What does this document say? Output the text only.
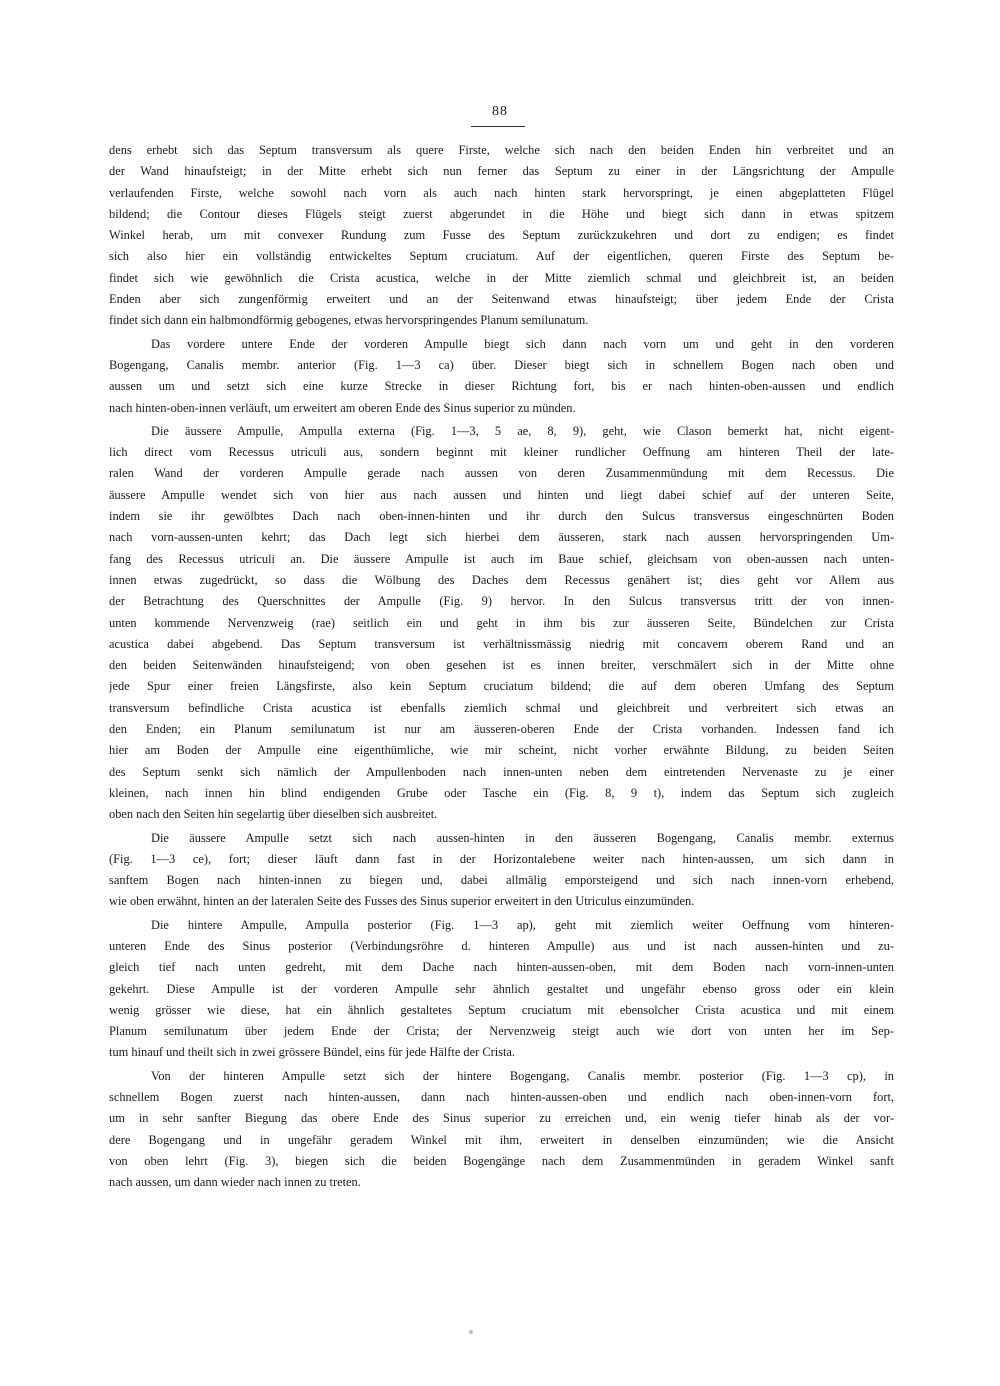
88
dens erhebt sich das Septum transversum als quere Firste, welche sich nach den beiden Enden hin verbreitet und an
der Wand hinaufsteigt; in der Mitte erhebt sich nun ferner das Septum zu einer in der Längsrichtung der Ampulle
verlaufenden Firste, welche sowohl nach vorn als auch nach hinten stark hervorspringt, je einen abgeplatteten Flügel
bildend; die Contour dieses Flügels steigt zuerst abgerundet in die Höhe und biegt sich dann in etwas spitzem
Winkel herab, um mit convexer Rundung zum Fusse des Septum zurückzukehren und dort zu endigen; es findet
sich also hier ein vollständig entwickeltes Septum cruciatum. Auf der eigentlichen, queren Firste des Septum be-
findet sich wie gewöhnlich die Crista acustica, welche in der Mitte ziemlich schmal und gleichbreit ist, an beiden
Enden aber sich zungenförmig erweitert und an der Seitenwand etwas hinaufsteigt; über jedem Ende der Crista
findet sich dann ein halbmondförmig gebogenes, etwas hervorspringendes Planum semilunatum.
Das vordere untere Ende der vorderen Ampulle biegt sich dann nach vorn um und geht in den vorderen
Bogengang, Canalis membr. anterior (Fig. 1—3 ca) über. Dieser biegt sich in schnellem Bogen nach oben und
aussen um und setzt sich eine kurze Strecke in dieser Richtung fort, bis er nach hinten-oben-aussen und endlich
nach hinten-oben-innen verläuft, um erweitert am oberen Ende des Sinus superior zu münden.
Die äussere Ampulle, Ampulla externa (Fig. 1—3, 5 ae, 8, 9), geht, wie Clason bemerkt hat, nicht eigent-
lich direct vom Recessus utriculi aus, sondern beginnt mit kleiner rundlicher Oeffnung am hinteren Theil der late-
ralen Wand der vorderen Ampulle gerade nach aussen von deren Zusammenmündung mit dem Recessus. Die
äussere Ampulle wendet sich von hier aus nach aussen und hinten und liegt dabei schief auf der unteren Seite,
indem sie ihr gewölbtes Dach nach oben-innen-hinten und ihr durch den Sulcus transversus eingeschnürten Boden
nach vorn-aussen-unten kehrt; das Dach legt sich hierbei dem äusseren, stark nach aussen hervorspringenden Um-
fang des Recessus utriculi an. Die äussere Ampulle ist auch im Baue schief, gleichsam von oben-aussen nach unten-
innen etwas zugedrückt, so dass die Wölbung des Daches dem Recessus genähert ist; dies geht vor Allem aus
der Betrachtung des Querschnittes der Ampulle (Fig. 9) hervor. In den Sulcus transversus tritt der von innen-
unten kommende Nervenzweig (rae) seitlich ein und geht in ihm bis zur äusseren Seite, Bündelchen zur Crista
acustica dabei abgebend. Das Septum transversum ist verhältnissmässig niedrig mit concavem oberem Rand und an
den beiden Seitenwänden hinaufsteigend; von oben gesehen ist es innen breiter, verschmälert sich in der Mitte ohne
jede Spur einer freien Längsfirste, also kein Septum cruciatum bildend; die auf dem oberen Umfang des Septum
transversum befindliche Crista acustica ist ebenfalls ziemlich schmal und gleichbreit und verbreitert sich etwas an
den Enden; ein Planum semilunatum ist nur am äusseren-oberen Ende der Crista vorhanden. Indessen fand ich
hier am Boden der Ampulle eine eigenthümliche, wie mir scheint, nicht vorher erwähnte Bildung, zu beiden Seiten
des Septum senkt sich nämlich der Ampullenboden nach innen-unten neben dem eintretenden Nervenaste zu je einer
kleinen, nach innen hin blind endigenden Grube oder Tasche ein (Fig. 8, 9 t), indem das Septum sich zugleich
oben nach den Seiten hin segelartig über dieselben sich ausbreitet.
Die äussere Ampulle setzt sich nach aussen-hinten in den äusseren Bogengang, Canalis membr. externus
(Fig. 1—3 ce), fort; dieser läuft dann fast in der Horizontalebene weiter nach hinten-aussen, um sich dann in
sanftem Bogen nach hinten-innen zu biegen und, dabei allmälig emporsteigend und sich nach innen-vorn erhebend,
wie oben erwähnt, hinten an der lateralen Seite des Fusses des Sinus superior erweitert in den Utriculus einzumünden.
Die hintere Ampulle, Ampulla posterior (Fig. 1—3 ap), geht mit ziemlich weiter Oeffnung vom hinteren-
unteren Ende des Sinus posterior (Verbindungsröhre d. hinteren Ampulle) aus und ist nach aussen-hinten und zu-
gleich tief nach unten gedreht, mit dem Dache nach hinten-aussen-oben, mit dem Boden nach vorn-innen-unten
gekehrt. Diese Ampulle ist der vorderen Ampulle sehr ähnlich gestaltet und ungefähr ebenso gross oder ein klein
wenig grösser wie diese, hat ein ähnlich gestaltetes Septum cruciatum mit ebensolcher Crista acustica und mit einem
Planum semilunatum über jedem Ende der Crista; der Nervenzweig steigt auch wie dort von unten her im Sep-
tum hinauf und theilt sich in zwei grössere Bündel, eins für jede Hälfte der Crista.
Von der hinteren Ampulle setzt sich der hintere Bogengang, Canalis membr. posterior (Fig. 1—3 cp), in
schnellem Bogen zuerst nach hinten-aussen, dann nach hinten-aussen-oben und endlich nach oben-innen-vorn fort,
um in sehr sanfter Biegung das obere Ende des Sinus superior zu erreichen und, ein wenig tiefer hinab als der vor-
dere Bogengang und in ungefähr geradem Winkel mit ihm, erweitert in denselben einzumünden; wie die Ansicht
von oben lehrt (Fig. 3), biegen sich die beiden Bogengänge nach dem Zusammenmünden in geradem Winkel sanft
nach aussen, um dann wieder nach innen zu treten.
